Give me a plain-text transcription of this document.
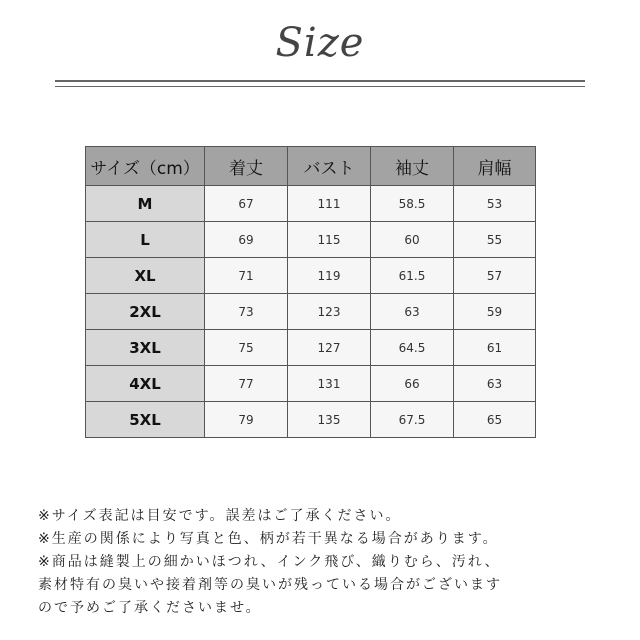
Size
サイズ（cm）	着丈	バスト	袖丈	肩幅
M	67	111	58.5	53
L	69	115	60	55
XL	71	119	61.5	57
2XL	73	123	63	59
3XL	75	127	64.5	61
4XL	77	131	66	63
5XL	79	135	67.5	65

※サイズ表記は目安です。誤差はご了承ください。

※生産の関係により写真と色、柄が若干異なる場合があります。

※商品は縫製上の細かいほつれ、インク飛び、織りむら、汚れ、

素材特有の臭いや接着剤等の臭いが残っている場合がございます

ので予めご了承くださいませ。
